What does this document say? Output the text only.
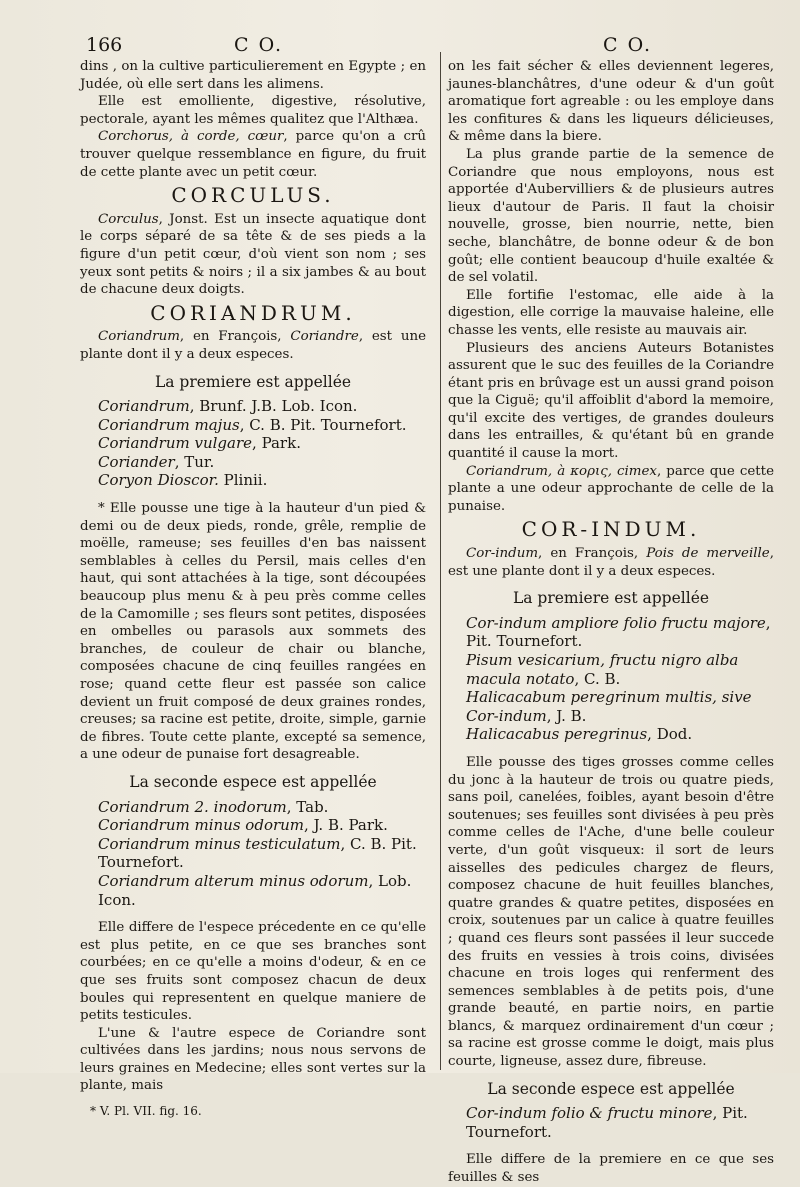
166	C O.	C O.

dins , on la cultive particulierement en Egypte ; en Judée, où elle sert dans les alimens.

Elle est emolliente, digestive, résolutive, pectorale, ayant les mêmes qualitez que l'Althæa.

Corchorus, à corde, cœur, parce qu'on a crû trouver quelque ressemblance en figure, du fruit de cette plante avec un petit cœur.

CORCULUS.

Corculus, Jonst. Est un insecte aquatique dont le corps séparé de sa tête & de ses pieds a la figure d'un petit cœur, d'où vient son nom ; ses yeux sont petits & noirs ; il a six jambes & au bout de chacune deux doigts.

CORIANDRUM.

Coriandrum, en François, Coriandre, est une plante dont il y a deux especes.

La premiere est appellée
Coriandrum, Brunf. J.B. Lob. Icon.
Coriandrum majus, C. B. Pit. Tournefort.
Coriandrum vulgare, Park.
Coriander, Tur.
Coryon Dioscor. Plinii.

* Elle pousse une tige à la hauteur d'un pied & demi ou de deux pieds, ronde, grêle, remplie de moëlle, rameuse; ses feuilles d'en bas naissent semblables à celles du Persil, mais celles d'en haut, qui sont attachées à la tige, sont découpées beaucoup plus menu & à peu près comme celles de la Camomille ; ses fleurs sont petites, disposées en ombelles ou parasols aux sommets des branches, de couleur de chair ou blanche, composées chacune de cinq feuilles rangées en rose; quand cette fleur est passée son calice devient un fruit composé de deux graines rondes, creuses; sa racine est petite, droite, simple, garnie de fibres. Toute cette plante, excepté sa semence, a une odeur de punaise fort desagreable.

La seconde espece est appellée
Coriandrum 2. inodorum, Tab.
Coriandrum minus odorum, J. B. Park.
Coriandrum minus testiculatum, C. B. Pit. Tournefort.
Coriandrum alterum minus odorum, Lob. Icon.

Elle differe de l'espece précedente en ce qu'elle est plus petite, en ce que ses branches sont courbées; en ce qu'elle a moins d'odeur, & en ce que ses fruits sont composez chacun de deux boules qui representent en quelque maniere de petits testicules.

L'une & l'autre espece de Coriandre sont cultivées dans les jardins; nous nous servons de leurs graines en Medecine; elles sont vertes sur la plante, mais

* V. Pl. VII. fig. 16.

on les fait sécher & elles deviennent legeres, jaunes-blanchâtres, d'une odeur & d'un goût aromatique fort agreable : ou les employe dans les confitures & dans les liqueurs délicieuses, & même dans la biere.

La plus grande partie de la semence de Coriandre que nous employons, nous est apportée d'Aubervilliers & de plusieurs autres lieux d'autour de Paris. Il faut la choisir nouvelle, grosse, bien nourrie, nette, bien seche, blanchâtre, de bonne odeur & de bon goût; elle contient beaucoup d'huile exaltée & de sel volatil.

Elle fortifie l'estomac, elle aide à la digestion, elle corrige la mauvaise haleine, elle chasse les vents, elle resiste au mauvais air.

Plusieurs des anciens Auteurs Botanistes assurent que le suc des feuilles de la Coriandre étant pris en brûvage est un aussi grand poison que la Ciguë; qu'il affoiblit d'abord la memoire, qu'il excite des vertiges, de grandes douleurs dans les entrailles, & qu'étant bû en grande quantité il cause la mort.

Coriandrum, à κορις, cimex, parce que cette plante a une odeur approchante de celle de la punaise.

COR-INDUM.

Cor-indum, en François, Pois de merveille, est une plante dont il y a deux especes.

La premiere est appellée
Cor-indum ampliore folio fructu majore, Pit. Tournefort.
Pisum vesicarium, fructu nigro alba macula notato, C. B.
Halicacabum peregrinum multis, sive Cor-indum, J. B.
Halicacabus peregrinus, Dod.

Elle pousse des tiges grosses comme celles du jonc à la hauteur de trois ou quatre pieds, sans poil, canelées, foibles, ayant besoin d'être soutenues; ses feuilles sont divisées à peu près comme celles de l'Ache, d'une belle couleur verte, d'un goût visqueux: il sort de leurs aisselles des pedicules chargez de fleurs, composez chacune de huit feuilles blanches, quatre grandes & quatre petites, disposées en croix, soutenues par un calice à quatre feuilles ; quand ces fleurs sont passées il leur succede des fruits en vessies à trois coins, divisées chacune en trois loges qui renferment des semences semblables à de petits pois, d'une grande beauté, en partie noirs, en partie blancs, & marquez ordinairement d'un cœur ; sa racine est grosse comme le doigt, mais plus courte, ligneuse, assez dure, fibreuse.

La seconde espece est appellée
Cor-indum folio & fructu minore, Pit. Tournefort.

Elle differe de la premiere en ce que ses feuilles & ses
